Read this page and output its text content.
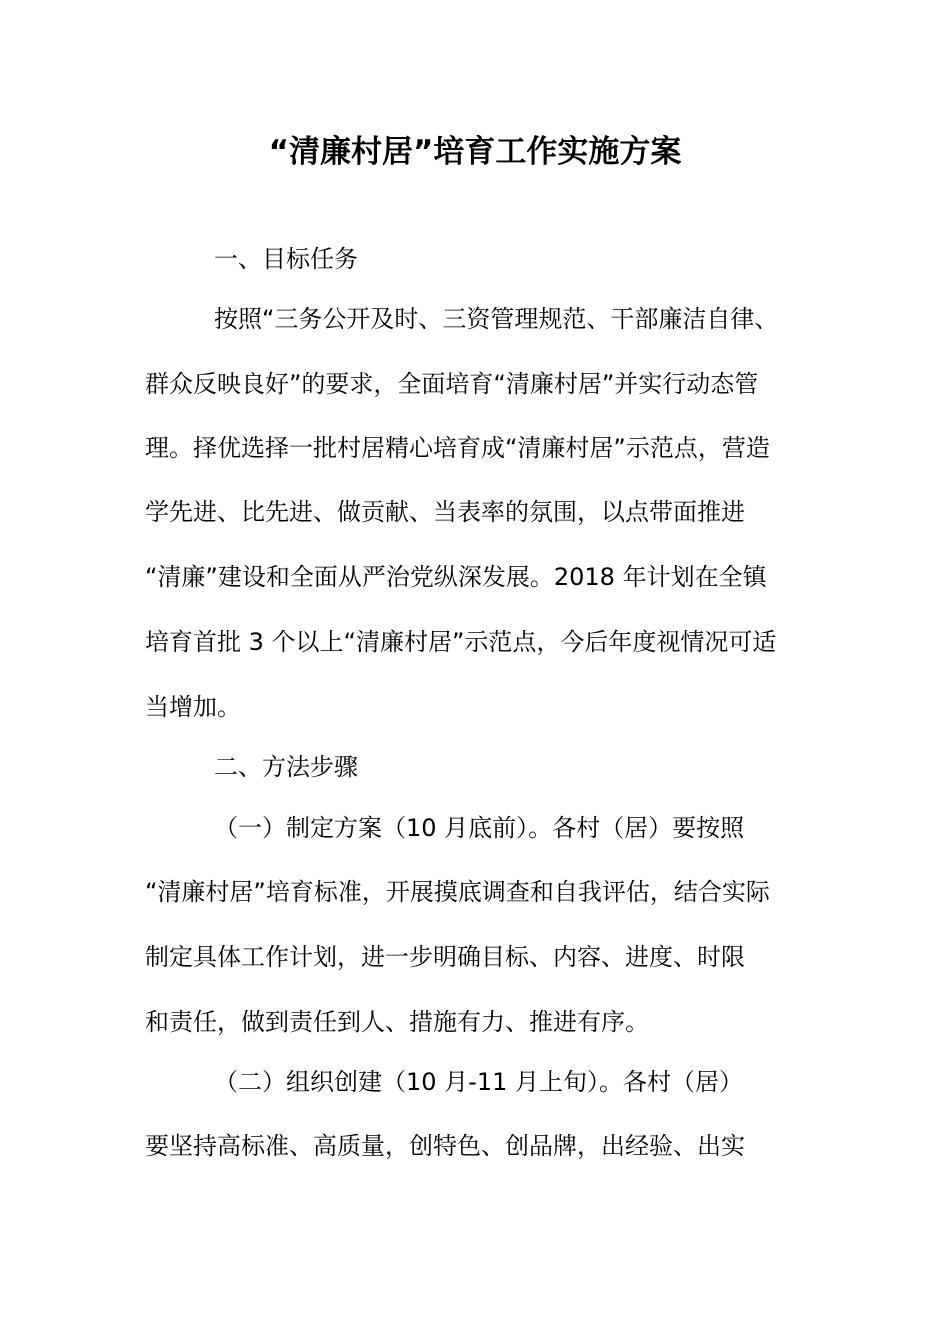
“清廉村居”培育工作实施方案

一、目标任务

按照“三务公开及时、三资管理规范、干部廉洁自律、

群众反映良好”的要求，全面培育“清廉村居”并实行动态管

理。择优选择一批村居精心培育成“清廉村居”示范点，营造

学先进、比先进、做贡献、当表率的氛围，以点带面推进

“清廉”建设和全面从严治党纵深发展。2018 年计划在全镇

培育首批 3 个以上“清廉村居”示范点，今后年度视情况可适

当增加。

二、方法步骤

（一）制定方案（10 月底前）。各村（居）要按照

“清廉村居”培育标准，开展摸底调查和自我评估，结合实际

制定具体工作计划，进一步明确目标、内容、进度、时限

和责任，做到责任到人、措施有力、推进有序。

（二）组织创建（10 月-11 月上旬）。各村（居）

要坚持高标准、高质量，创特色、创品牌，出经验、出实
